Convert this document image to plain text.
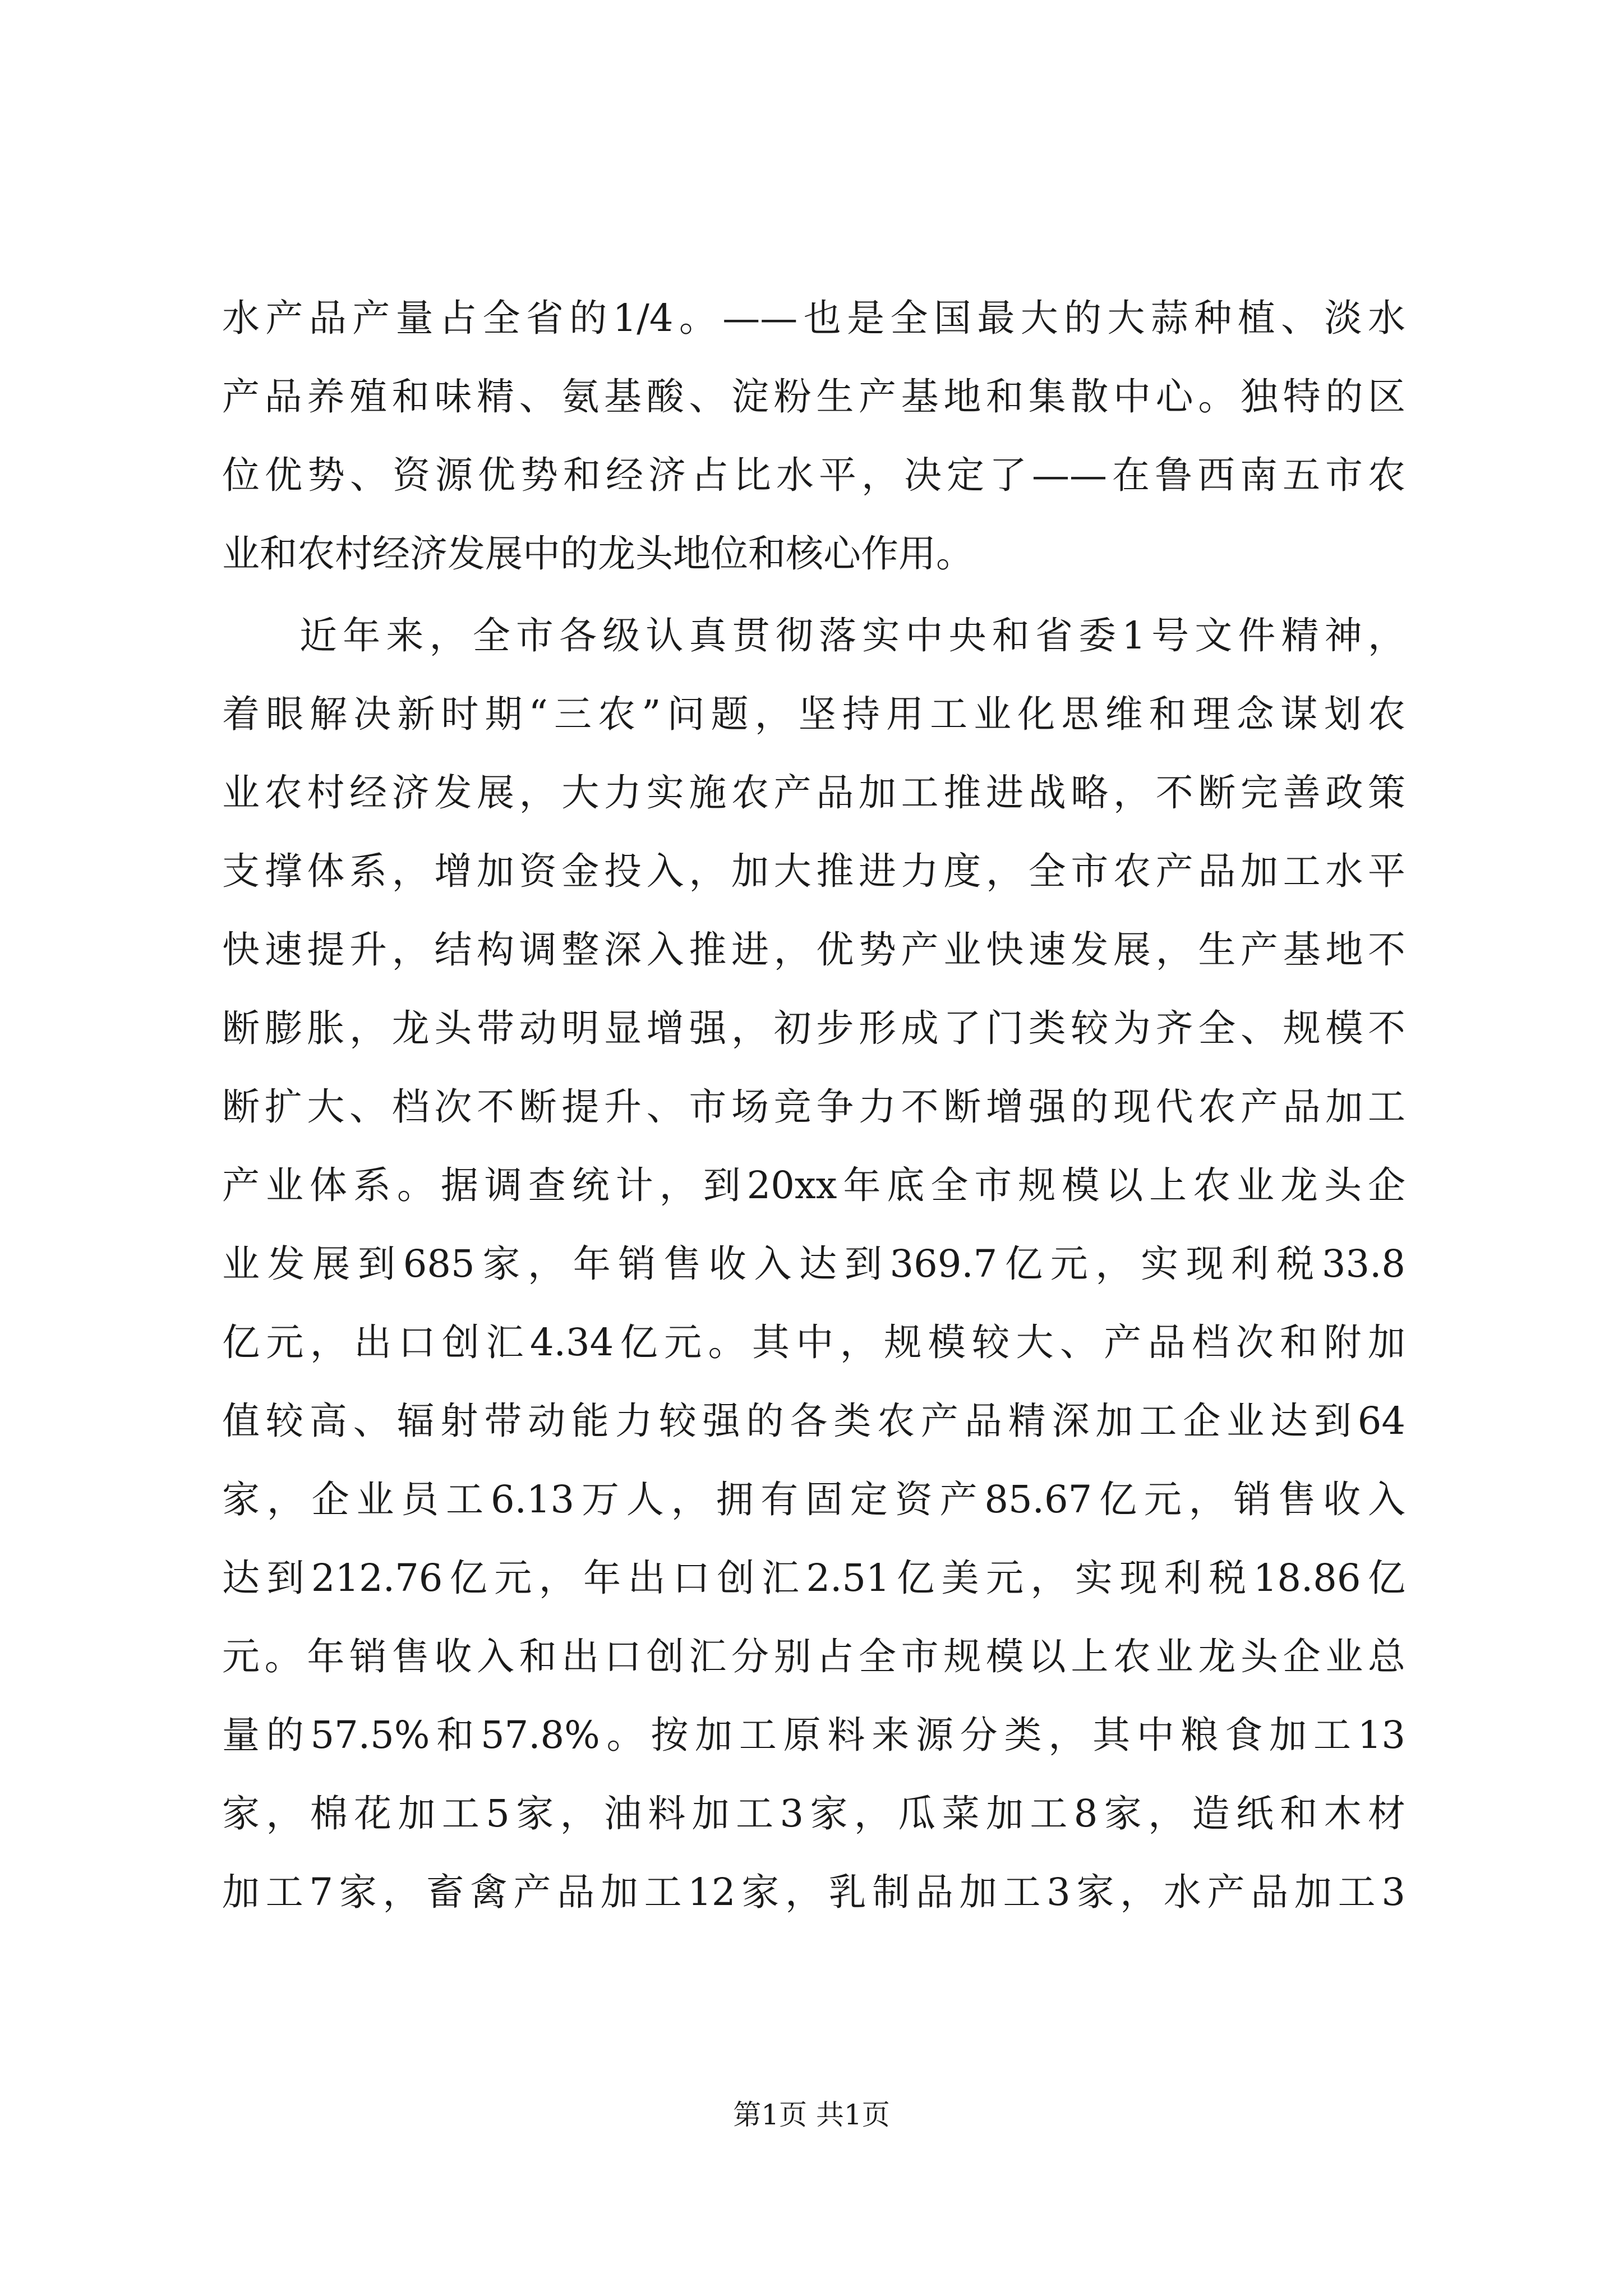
水产品产量占全省的1/4。——也是全国最大的大蒜种植、淡水
产品养殖和味精、氨基酸、淀粉生产基地和集散中心。独特的区
位优势、资源优势和经济占比水平，决定了——在鲁西南五市农
业和农村经济发展中的龙头地位和核心作用。
近年来，全市各级认真贯彻落实中央和省委1号文件精神，
着眼解决新时期“三农”问题，坚持用工业化思维和理念谋划农
业农村经济发展，大力实施农产品加工推进战略，不断完善政策
支撑体系，增加资金投入，加大推进力度，全市农产品加工水平
快速提升，结构调整深入推进，优势产业快速发展，生产基地不
断膨胀，龙头带动明显增强，初步形成了门类较为齐全、规模不
断扩大、档次不断提升、市场竞争力不断增强的现代农产品加工
产业体系。据调查统计，到20xx年底全市规模以上农业龙头企
业发展到685家，年销售收入达到369.7亿元，实现利税33.8
亿元，出口创汇4.34亿元。其中，规模较大、产品档次和附加
值较高、辐射带动能力较强的各类农产品精深加工企业达到64
家，企业员工6.13万人，拥有固定资产85.67亿元，销售收入
达到212.76亿元，年出口创汇2.51亿美元，实现利税18.86亿
元。年销售收入和出口创汇分别占全市规模以上农业龙头企业总
量的57.5%和57.8%。按加工原料来源分类，其中粮食加工13
家，棉花加工5家，油料加工3家，瓜菜加工8家，造纸和木材
加工7家，畜禽产品加工12家，乳制品加工3家，水产品加工3
第1页 共1页
